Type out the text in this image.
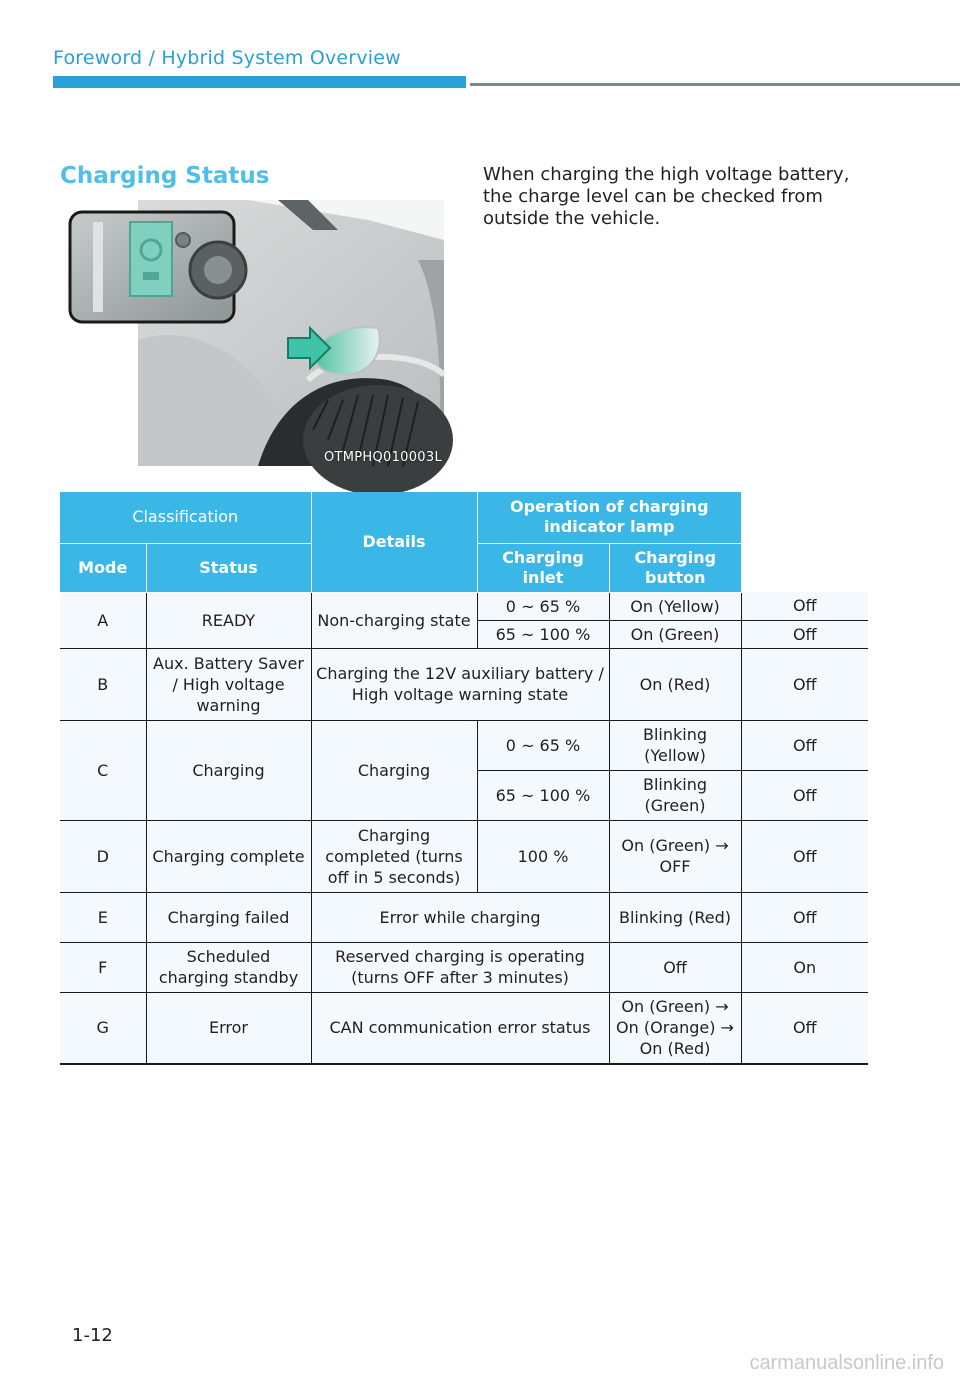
Foreword / Hybrid System Overview
Charging Status	When charging the high voltage battery, the charge level can be checked from outside the vehicle.
OTMPHQ010003L
Classification		Details	Operation of charging indicator lamp	
Mode	Status		Charging inlet	Charging button	
A	READY	Non-charging state	0 ~ 65 %	On (Yellow)	Off
			65 ~ 100 %	On (Green)	Off
B	Aux. Battery Saver / High voltage warning	Charging the 12V auxiliary battery / High voltage warning state		On (Red)	Off
C	Charging	Charging	0 ~ 65 %	Blinking (Yellow)	Off
			65 ~ 100 %	Blinking (Green)	Off
D	Charging complete	Charging completed (turns off in 5 seconds)	100 %	On (Green) → OFF	Off
E	Charging failed	Error while charging		Blinking (Red)	Off
F	Scheduled charging standby	Reserved charging is operating (turns OFF after 3 minutes)		Off	On
G	Error	CAN communication error status		On (Green) → On (Orange) → On (Red)	Off
1-12
carmanualsonline.info
